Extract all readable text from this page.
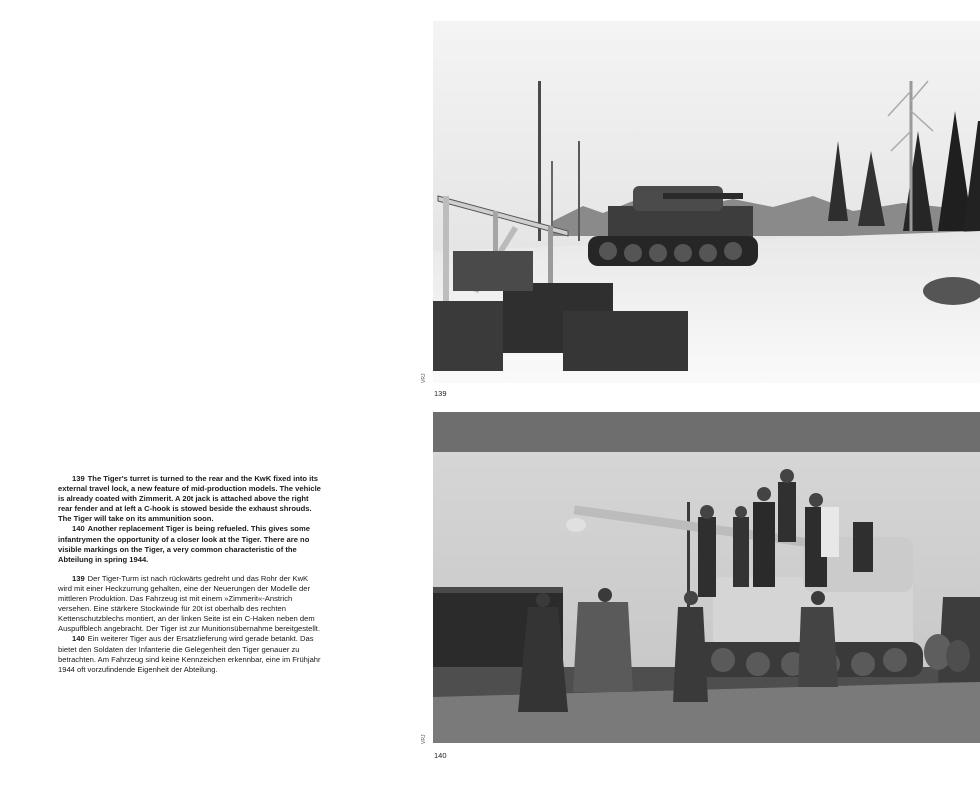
139 The Tiger's turret is turned to the rear and the KwK fixed into its external travel lock, a new feature of mid-production models. The vehicle is already coated with Zimmerit. A 20t jack is attached above the right rear fender and at left a C-hook is stowed beside the exhaust shrouds. The Tiger will take on its ammunition soon.

140 Another replacement Tiger is being refueled. This gives some infantrymen the opportunity of a closer look at the Tiger. There are no visible markings on the Tiger, a very common characteristic of the Abteilung in spring 1944.

139 Der Tiger-Turm ist nach rückwärts gedreht und das Rohr der KwK wird mit einer Heckzurrung gehalten, eine der Neuerungen der Modelle der mittleren Produktion. Das Fahrzeug ist mit einem »Zimmerit«-Anstrich versehen. Eine stärkere Stockwinde für 20t ist oberhalb des rechten Kettenschutzblechs montiert, an der linken Seite ist ein C-Haken neben dem Auspuffblech angebracht. Der Tiger ist zur Munitionsübernahme bereitgestellt.

140 Ein weiterer Tiger aus der Ersatzlieferung wird gerade betankt. Das bietet den Soldaten der Infanterie die Gelegenheit den Tiger genauer zu betrachten. Am Fahrzeug sind keine Kennzeichen erkennbar, eine im Frühjahr 1944 oft vorzufindende Eigenheit der Abteilung.

139
VRJ
140
VRJ
